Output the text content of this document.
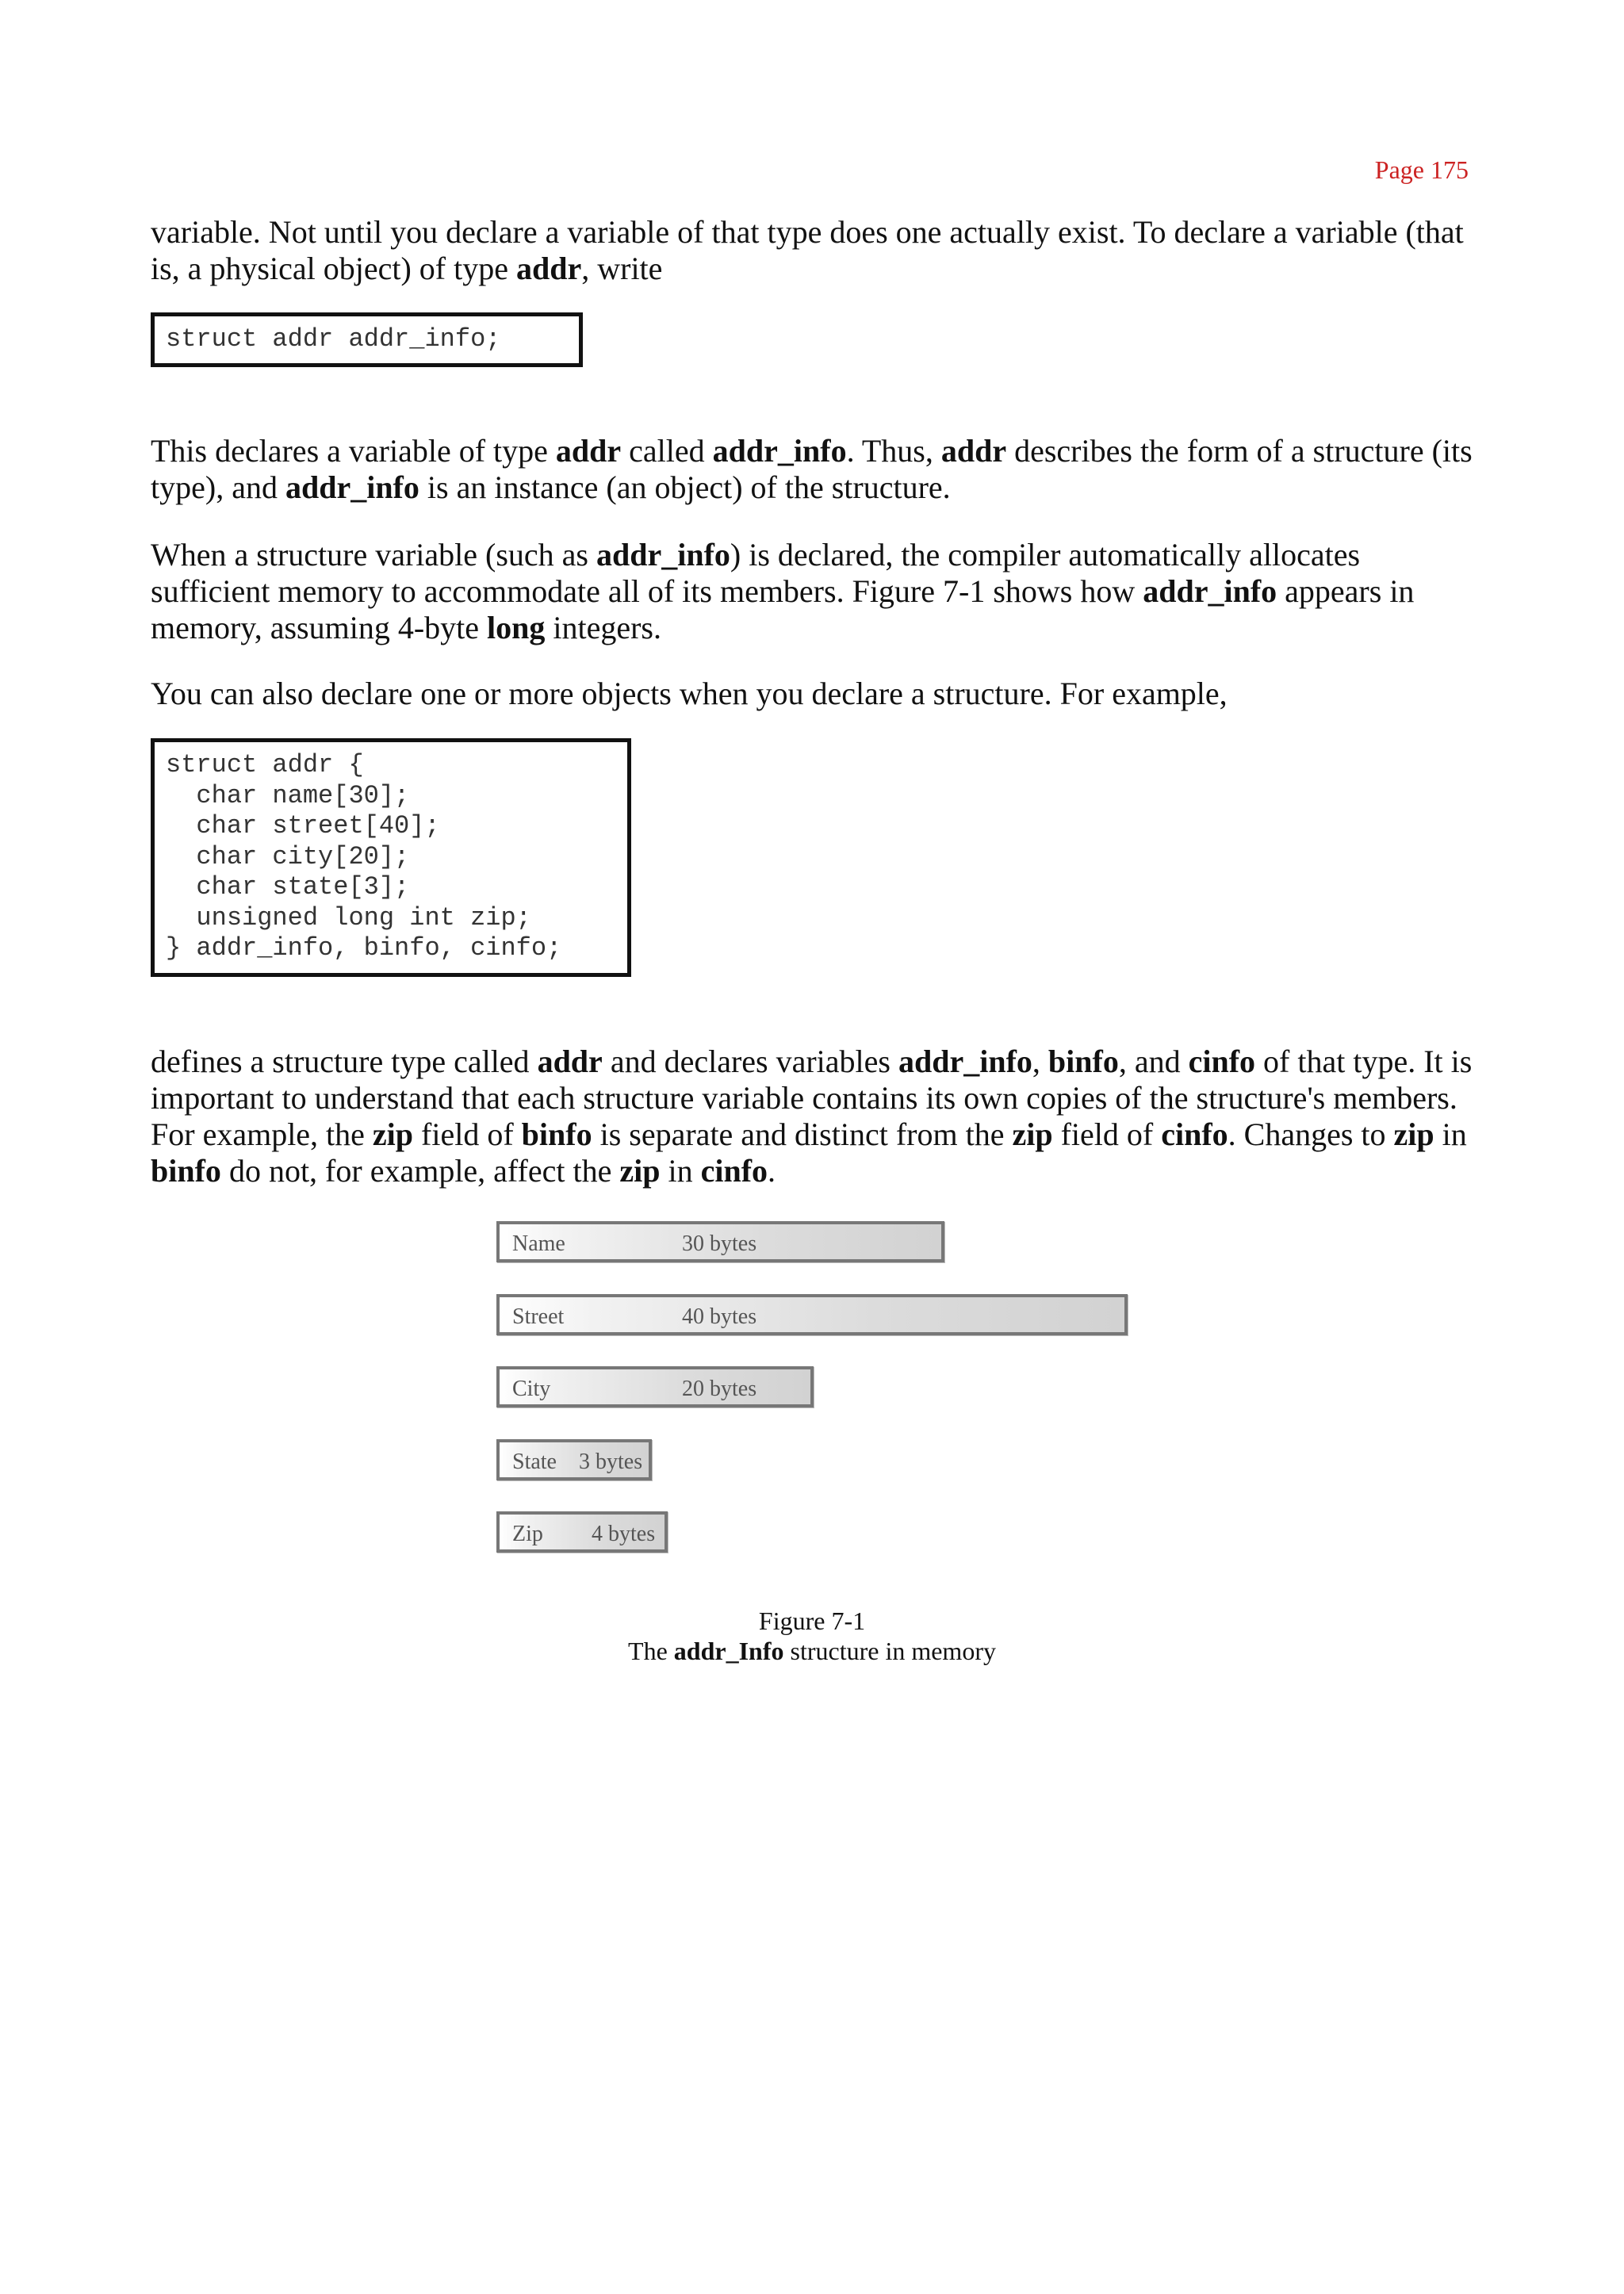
Page 175

variable. Not until you declare a variable of that type does one actually exist. To declare a variable (that is, a physical object) of type addr, write

struct addr addr_info;

This declares a variable of type addr called addr_info. Thus, addr describes the form of a structure (its type), and addr_info is an instance (an object) of the structure.

When a structure variable (such as addr_info) is declared, the compiler automatically allocates sufficient memory to accommodate all of its members. Figure 7-1 shows how addr_info appears in memory, assuming 4-byte long integers.

You can also declare one or more objects when you declare a structure. For example,

struct addr {
char name[30];
char street[40];
char city[20];
char state[3];
unsigned long int zip;
} addr_info, binfo, cinfo;

defines a structure type called addr and declares variables addr_info, binfo, and cinfo of that type. It is important to understand that each structure variable contains its own copies of the structure's members. For example, the zip field of binfo is separate and distinct from the zip field of cinfo. Changes to zip in binfo do not, for example, affect the zip in cinfo.

Name	30 bytes
Street	40 bytes
City	20 bytes
State 3 bytes
Zip 4 bytes

Figure 7-1

The addr_Info structure in memory
